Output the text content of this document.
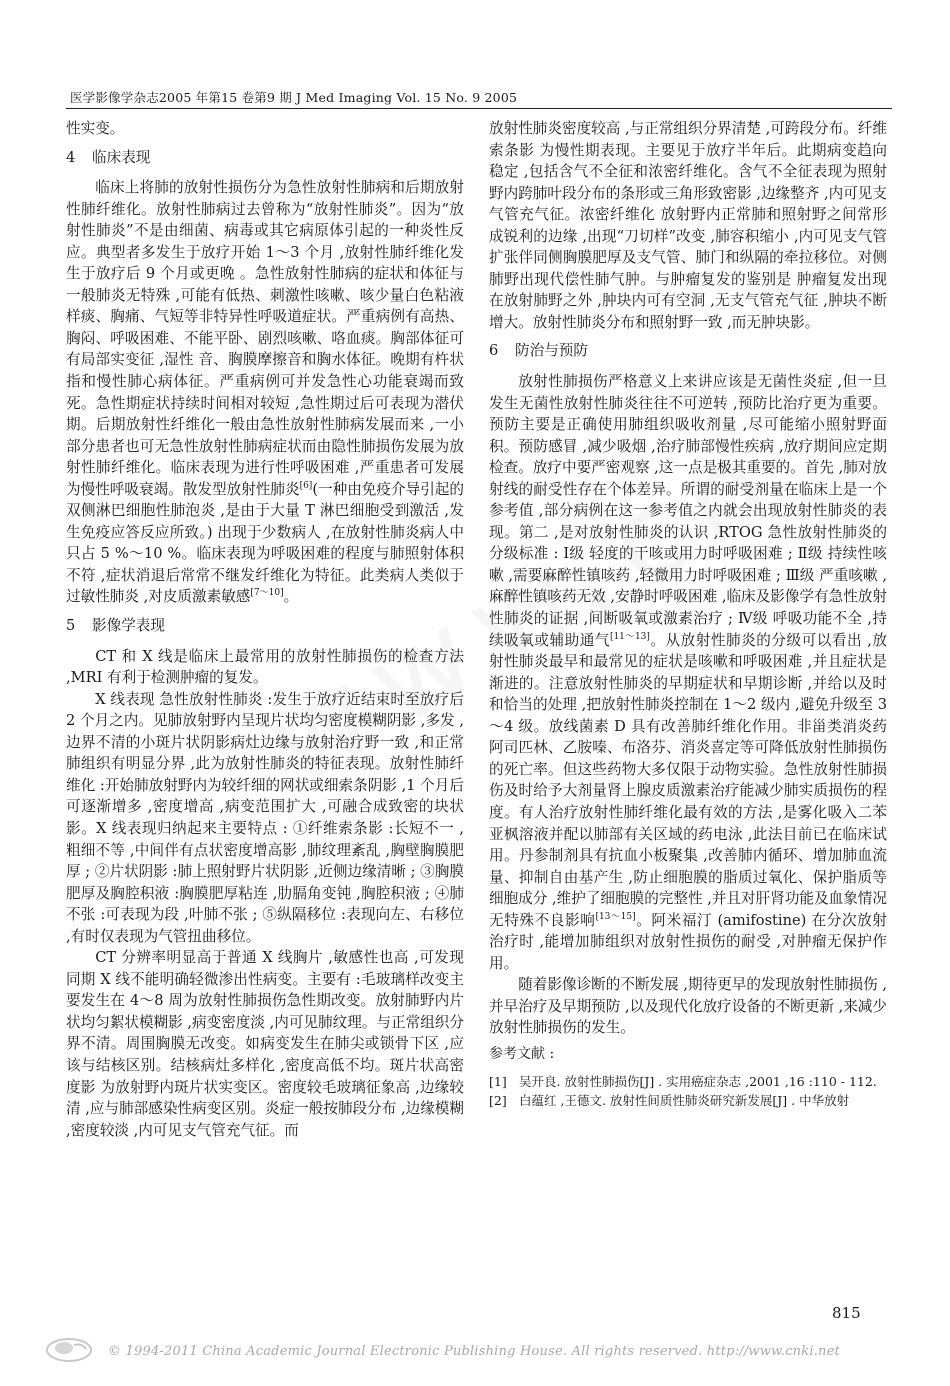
医学影像学杂志2005 年第15 卷第9 期 J Med Imaging Vol. 15 No. 9 2005

性实变。

4 临床表现

临床上将肺的放射性损伤分为急性放射性肺病和后期放射性肺纤维化。放射性肺病过去曾称为“放射性肺炎”。因为“放射性肺炎”不是由细菌、病毒或其它病原体引起的一种炎性反应。典型者多发生于放疗开始 1～3 个月 ,放射性肺纤维化发生于放疗后 9 个月或更晚 。急性放射性肺病的症状和体征与一般肺炎无特殊 ,可能有低热、刺激性咳嗽、咳少量白色粘液样痰、胸痛、气短等非特异性呼吸道症状。严重病例有高热、胸闷、呼吸困难、不能平卧、剧烈咳嗽、咯血痰。胸部体征可有局部实变征 ,湿性 音、胸膜摩擦音和胸水体征。晚期有杵状指和慢性肺心病体征。严重病例可并发急性心功能衰竭而致死。急性期症状持续时间相对较短 ,急性期过后可表现为潜伏期。后期放射性纤维化一般由急性放射性肺病发展而来 ,一小部分患者也可无急性放射性肺病症状而由隐性肺损伤发展为放射性肺纤维化。临床表现为进行性呼吸困难 ,严重患者可发展为慢性呼吸衰竭。散发型放射性肺炎[6](一种由免疫介导引起的双侧淋巴细胞性肺泡炎 ,是由于大量 T 淋巴细胞受到激活 ,发生免疫应答反应所致。) 出现于少数病人 ,在放射性肺炎病人中只占 5 %～10 %。临床表现为呼吸困难的程度与肺照射体积不符 ,症状消退后常常不继发纤维化为特征。此类病人类似于过敏性肺炎 ,对皮质激素敏感[7～10]。

5 影像学表现

CT 和 X 线是临床上最常用的放射性肺损伤的检查方法 ,MRI 有利于检测肿瘤的复发。

X 线表现 急性放射性肺炎 :发生于放疗近结束时至放疗后 2 个月之内。见肺放射野内呈现片状均匀密度模糊阴影 ,多发 ,边界不清的小斑片状阴影病灶边缘与放射治疗野一致 ,和正常肺组织有明显分界 ,此为放射性肺炎的特征表现。放射性肺纤维化 :开始肺放射野内为较纤细的网状或细索条阴影 ,1 个月后可逐渐增多 ,密度增高 ,病变范围扩大 ,可融合成致密的块状影。X 线表现归纳起来主要特点 : ①纤维索条影 :长短不一 ,粗细不等 ,中间伴有点状密度增高影 ,肺纹理紊乱 ,胸壁胸膜肥厚 ; ②片状阴影 :肺上照射野片状阴影 ,近侧边缘清晰 ; ③胸膜肥厚及胸腔积液 :胸膜肥厚粘连 ,肋膈角变钝 ,胸腔积液 ; ④肺不张 :可表现为段 ,叶肺不张 ; ⑤纵隔移位 :表现向左、右移位 ,有时仅表现为气管扭曲移位。

CT 分辨率明显高于普通 X 线胸片 ,敏感性也高 ,可发现同期 X 线不能明确轻微渗出性病变。主要有 :毛玻璃样改变主要发生在 4～8 周为放射性肺损伤急性期改变。放射肺野内片状均匀絮状模糊影 ,病变密度淡 ,内可见肺纹理。与正常组织分界不清。周围胸膜无改变。如病变发生在肺尖或锁骨下区 ,应该与结核区别。结核病灶多样化 ,密度高低不均。斑片状高密度影 为放射野内斑片状实变区。密度较毛玻璃征象高 ,边缘较清 ,应与肺部感染性病变区别。炎症一般按肺段分布 ,边缘模糊 ,密度较淡 ,内可见支气管充气征。而

放射性肺炎密度较高 ,与正常组织分界清楚 ,可跨段分布。纤维索条影 为慢性期表现。主要见于放疗半年后。此期病变趋向稳定 ,包括含气不全征和浓密纤维化。含气不全征表现为照射野内跨肺叶段分布的条形或三角形致密影 ,边缘整齐 ,内可见支气管充气征。浓密纤维化 放射野内正常肺和照射野之间常形成锐利的边缘 ,出现“刀切样”改变 ,肺容积缩小 ,内可见支气管扩张伴同侧胸膜肥厚及支气管、肺门和纵隔的牵拉移位。对侧肺野出现代偿性肺气肿。与肿瘤复发的鉴别是 肿瘤复发出现在放射肺野之外 ,肿块内可有空洞 ,无支气管充气征 ,肿块不断增大。放射性肺炎分布和照射野一致 ,而无肿块影。

6 防治与预防

放射性肺损伤严格意义上来讲应该是无菌性炎症 ,但一旦发生无菌性放射性肺炎往往不可逆转 ,预防比治疗更为重要。预防主要是正确使用肺组织吸收剂量 ,尽可能缩小照射野面积。预防感冒 ,减少吸烟 ,治疗肺部慢性疾病 ,放疗期间应定期检查。放疗中要严密观察 ,这一点是极其重要的。首先 ,肺对放射线的耐受性存在个体差异。所谓的耐受剂量在临床上是一个参考值 ,部分病例在这一参考值之内就会出现放射性肺炎的表现。第二 ,是对放射性肺炎的认识 ,RTOG 急性放射性肺炎的分级标准 : Ⅰ级 轻度的干咳或用力时呼吸困难 ; Ⅱ级 持续性咳嗽 ,需要麻醉性镇咳药 ,轻微用力时呼吸困难 ; Ⅲ级 严重咳嗽 ,麻醉性镇咳药无效 ,安静时呼吸困难 ,临床及影像学有急性放射性肺炎的证据 ,间断吸氧或激素治疗 ; Ⅳ级 呼吸功能不全 ,持续吸氧或辅助通气[11～13]。从放射性肺炎的分级可以看出 ,放射性肺炎最早和最常见的症状是咳嗽和呼吸困难 ,并且症状是渐进的。注意放射性肺炎的早期症状和早期诊断 ,并给以及时和恰当的处理 ,把放射性肺炎控制在 1～2 级内 ,避免升级至 3～4 级。放线菌素 D 具有改善肺纤维化作用。非甾类消炎药阿司匹林、乙胺嗪、布洛芬、消炎喜定等可降低放射性肺损伤的死亡率。但这些药物大多仅限于动物实验。急性放射性肺损伤及时给予大剂量肾上腺皮质激素治疗能减少肺实质损伤的程度。有人治疗放射性肺纤维化最有效的方法 ,是雾化吸入二苯亚枫溶液并配以肺部有关区域的药电泳 ,此法目前已在临床试用。丹参制剂具有抗血小板聚集 ,改善肺内循环、增加肺血流量、抑制自由基产生 ,防止细胞膜的脂质过氧化、保护脂质等细胞成分 ,维护了细胞膜的完整性 ,并且对肝肾功能及血象情况无特殊不良影响[13～15]。阿米福汀 (amifostine) 在分次放射治疗时 ,能增加肺组织对放射性损伤的耐受 ,对肿瘤无保护作用。

随着影像诊断的不断发展 ,期待更早的发现放射性肺损伤 ,并早治疗及早期预防 ,以及现代化放疗设备的不断更新 ,来减少放射性肺损伤的发生。

参考文献 :

[1] 吴开良. 放射性肺损伤[J] . 实用癌症杂志 ,2001 ,16 :110 - 112.

[2] 白蕴红 ,王德文. 放射性间质性肺炎研究新发展[J] . 中华放射

815
© 1994-2011 China Academic Journal Electronic Publishing House. All rights reserved. http://www.cnki.net
